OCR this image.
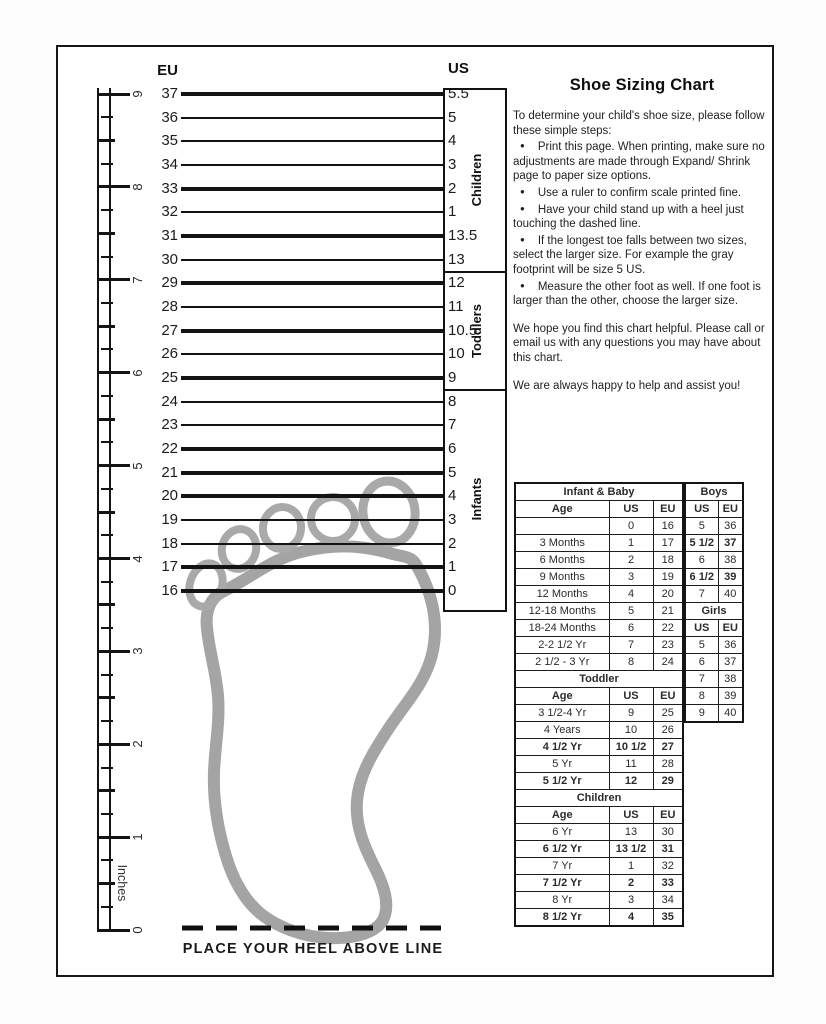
EU	US
37	5.5
36	5
35	4
34	3
33	2
32	1
31	13.5
30	13
29	12
28	11
27	10.5
26	10
25	9
24	8
23	7
22	6
21	5
20	4
19	3
18	2
17	1
16	0
Children
Toddlers
Infants
9
8
7
6
5
4
3
2
1
0
Inches
PLACE YOUR HEEL ABOVE LINE
Shoe Sizing Chart

To determine your child's shoe size, please follow these simple steps:

● Print this page. When printing, make sure no adjustments are made through Expand/ Shrink page to paper size options.

● Use a ruler to confirm scale printed fine.

● Have your child stand up with a heel just touching the dashed line.

● If the longest toe falls between two sizes, select the larger size. For example the gray footprint will be size 5 US.

● Measure the other foot as well. If one foot is larger than the other, choose the larger size.

We hope you find this chart helpful. Please call or email us with any questions you may have about this chart.

We are always happy to help and assist you!

Infant & Baby		
Age	US	EU
	0	16
3 Months	1	17
6 Months	2	18
9 Months	3	19
12 Months	4	20
12-18 Months	5	21
18-24 Months	6	22
2-2 1/2 Yr	7	23
2 1/2 - 3 Yr	8	24
Toddler		
Age	US	EU
3 1/2-4 Yr	9	25
4 Years	10	26
4 1/2 Yr	10 1/2	27
5 Yr	11	28
5 1/2 Yr	12	29
Children		
Age	US	EU
6 Yr	13	30
6 1/2 Yr	13 1/2	31
7 Yr	1	32
7 1/2 Yr	2	33
8 Yr	3	34
8 1/2 Yr	4	35
Boys	
US	EU
5	36
5 1/2	37
6	38
6 1/2	39
7	40
Girls	
US	EU
5	36
6	37
7	38
8	39
9	40
